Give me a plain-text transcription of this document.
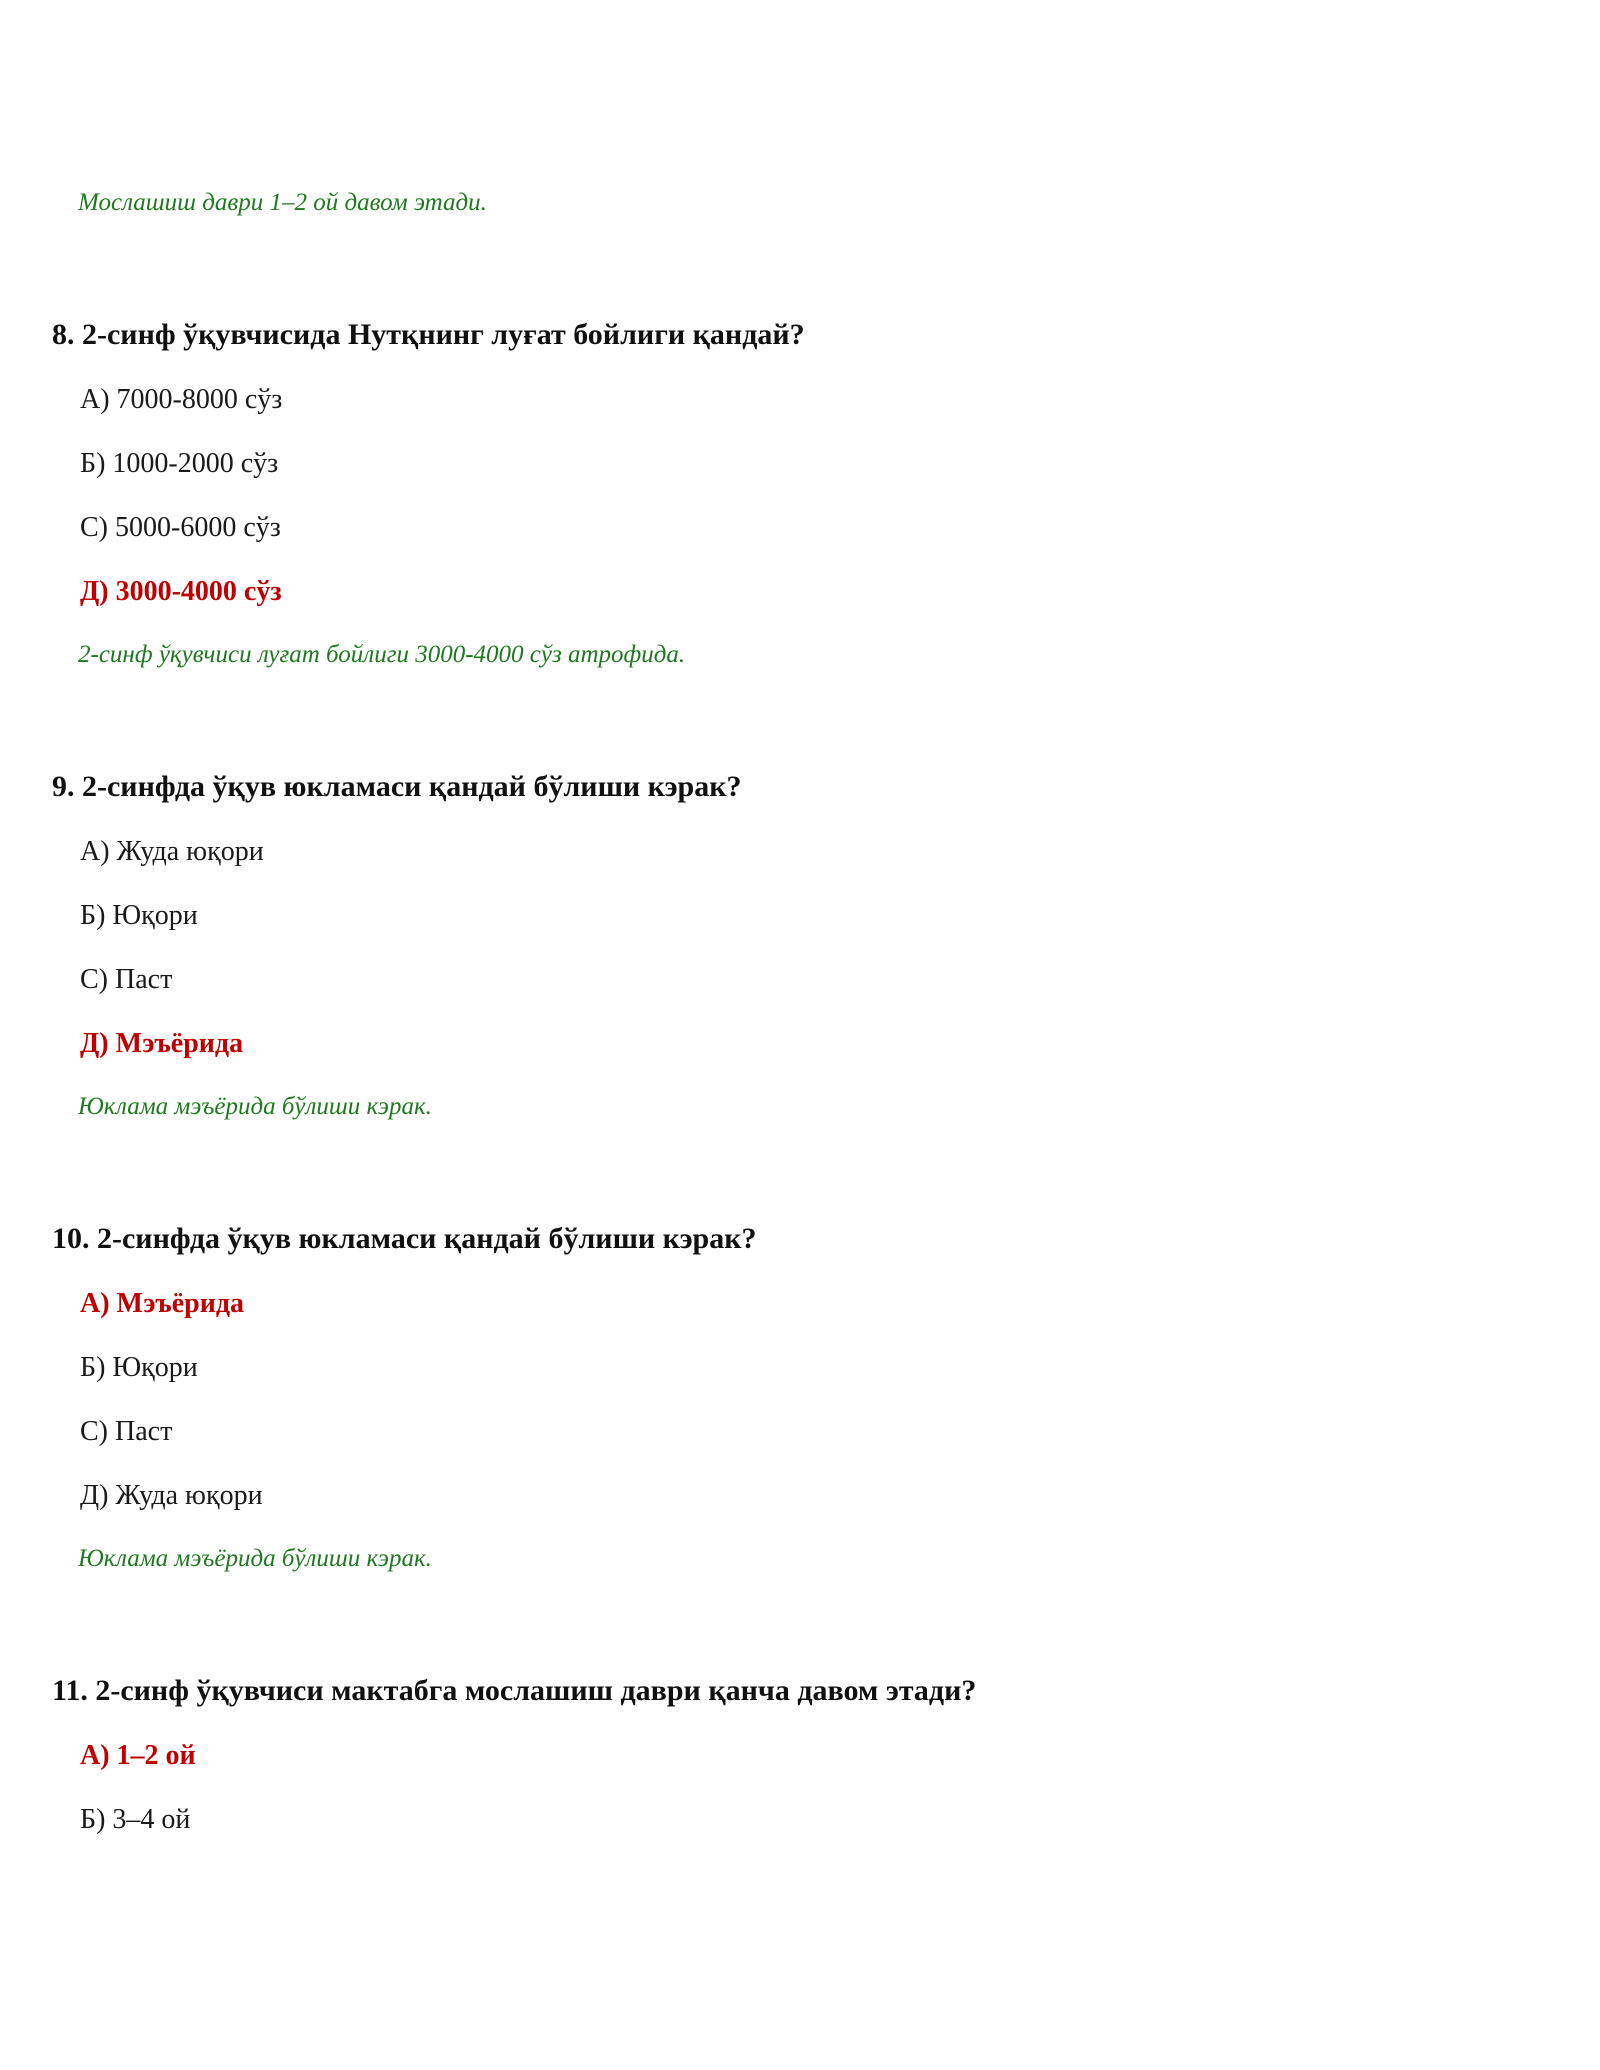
Мослашиш даври 1–2 ой давом этади.
8. 2-синф ўқувчисида Нутқнинг луғат бойлиги қандай?
А) 7000-8000 сўз
Б) 1000-2000 сўз
С) 5000-6000 сўз
Д) 3000-4000 сўз
2-синф ўқувчиси луғат бойлиги 3000-4000 сўз атрофида.
9. 2-синфда ўқув юкламаси қандай бўлиши кэрак?
А) Жуда юқори
Б) Юқори
С) Паст
Д) Мэъёрида
Юклама мэъёрида бўлиши кэрак.
10. 2-синфда ўқув юкламаси қандай бўлиши кэрак?
А) Мэъёрида
Б) Юқори
С) Паст
Д) Жуда юқори
Юклама мэъёрида бўлиши кэрак.
11. 2-синф ўқувчиси мактабга мослашиш даври қанча давом этади?
А) 1–2 ой
Б) 3–4 ой
